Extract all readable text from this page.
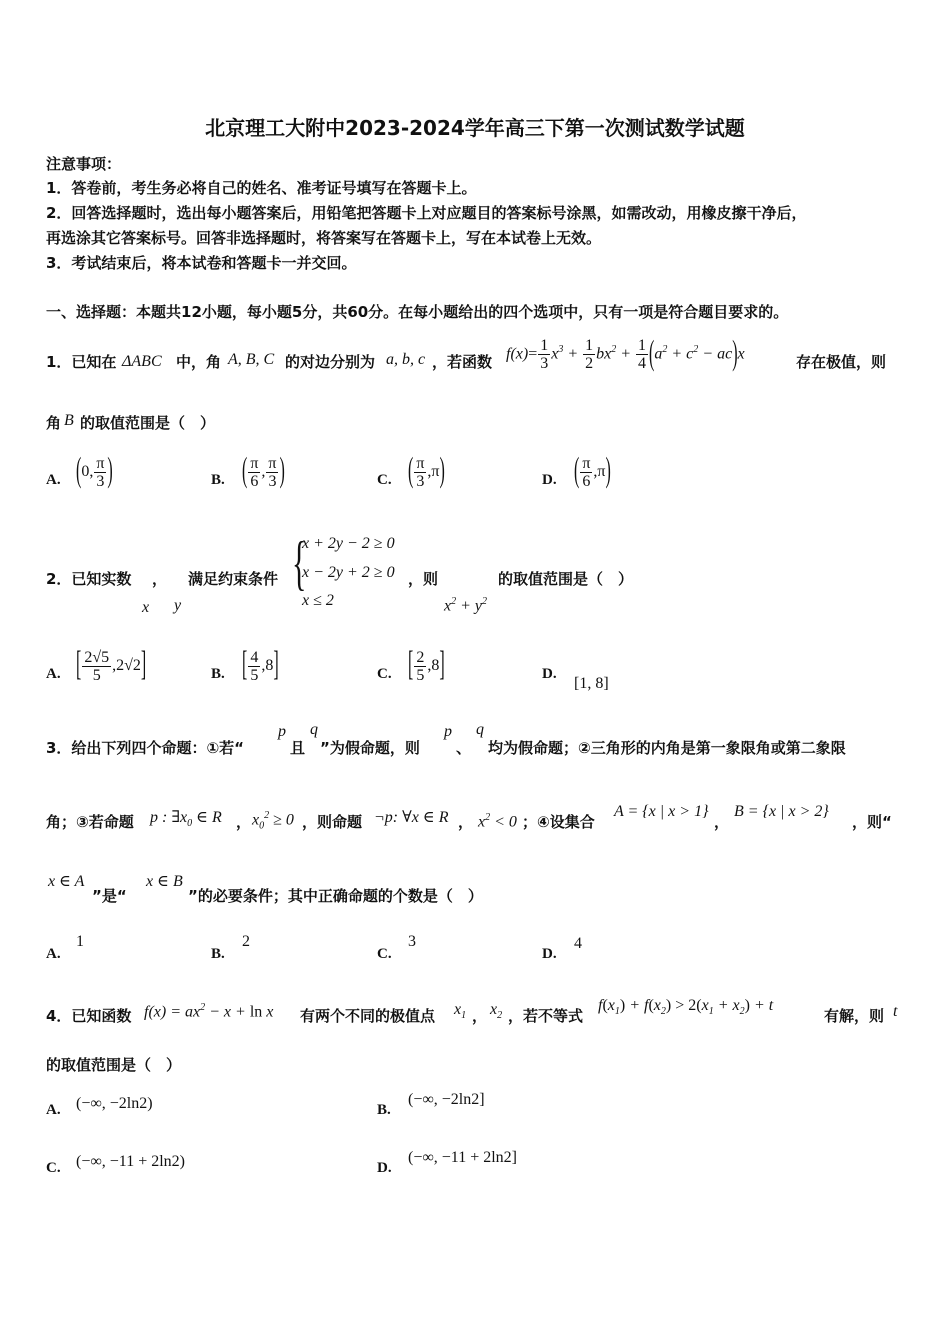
北京理工大附中2023-2024学年高三下第一次测试数学试题
注意事项：
1．答卷前，考生务必将自己的姓名、准考证号填写在答题卡上。
2．回答选择题时，选出每小题答案后，用铅笔把答题卡上对应题目的答案标号涂黑，如需改动，用橡皮擦干净后，
再选涂其它答案标号。回答非选择题时，将答案写在答题卡上，写在本试卷上无效。
3．考试结束后，将本试卷和答题卡一并交回。
一、选择题：本题共12小题，每小题5分，共60分。在每小题给出的四个选项中，只有一项是符合题目要求的。
1．已知在 ΔABC 中，角 A, B, C 的对边分别为 a, b, c ，若函数 $f(x)= \frac{1}{3} x^3 + \frac{1}{2} bx^2 + \frac{1}{4} (a^2 + c^2 - ac)x$	存在极值，则
角 B 的取值范围是（　）
A. (0, $\frac{\pi}{3}$ )	B. ( $\frac{\pi}{6}$ , $\frac{\pi}{3}$ )	C. ( $\frac{\pi}{3} ,\pi$)	D. ( $\frac{\pi}{6} ,\pi$)
2．已知实数 ，
x y
满足约束条件 {
x + 2y − 2 ≥ 0
x − 2y + 2 ≥ 0
x ≤ 2
，则
$x^2 + y^2$
的取值范围是（　）
A. [ $\frac{2√5}{5} ,2√2$]	B. [ $\frac{4}{5} ,8$]	C. [ $\frac{2}{5} ,8$]	D.
[1, 8]
3．给出下列四个命题：①若“
p
且
q
”为假命题，则
p
、
q
均为假命题；②三角形的内角是第一象限角或第二象限
角；③若命题 p : $\exists x_0$ ∈ R ， $x_0^2 \ge 0$ ，则命题 ¬p: ∀x ∈ R ， $x^2 < 0$ ；④设集合
A = {x | x > 1}
，
B = {x | x > 2}
，则“
x ∈ A
”是“
x ∈ B
”的必要条件；其中正确命题的个数是（　）
A.
1
B.
2
C.
3
D.
4
4．已知函数 $f(x) = ax^2 - x + \ln x$ 有两个不同的极值点 $x_1$ ， $x_2$ ，若不等式
$f(x_1) + f(x_2) > 2(x_1 + x_2) + t$
有解，则 t
的取值范围是（　）
A. (−∞, −2ln2)	B.
(−∞, −2ln2]
C. (−∞, −11 + 2ln2)	D.
(−∞, −11 + 2ln2]
